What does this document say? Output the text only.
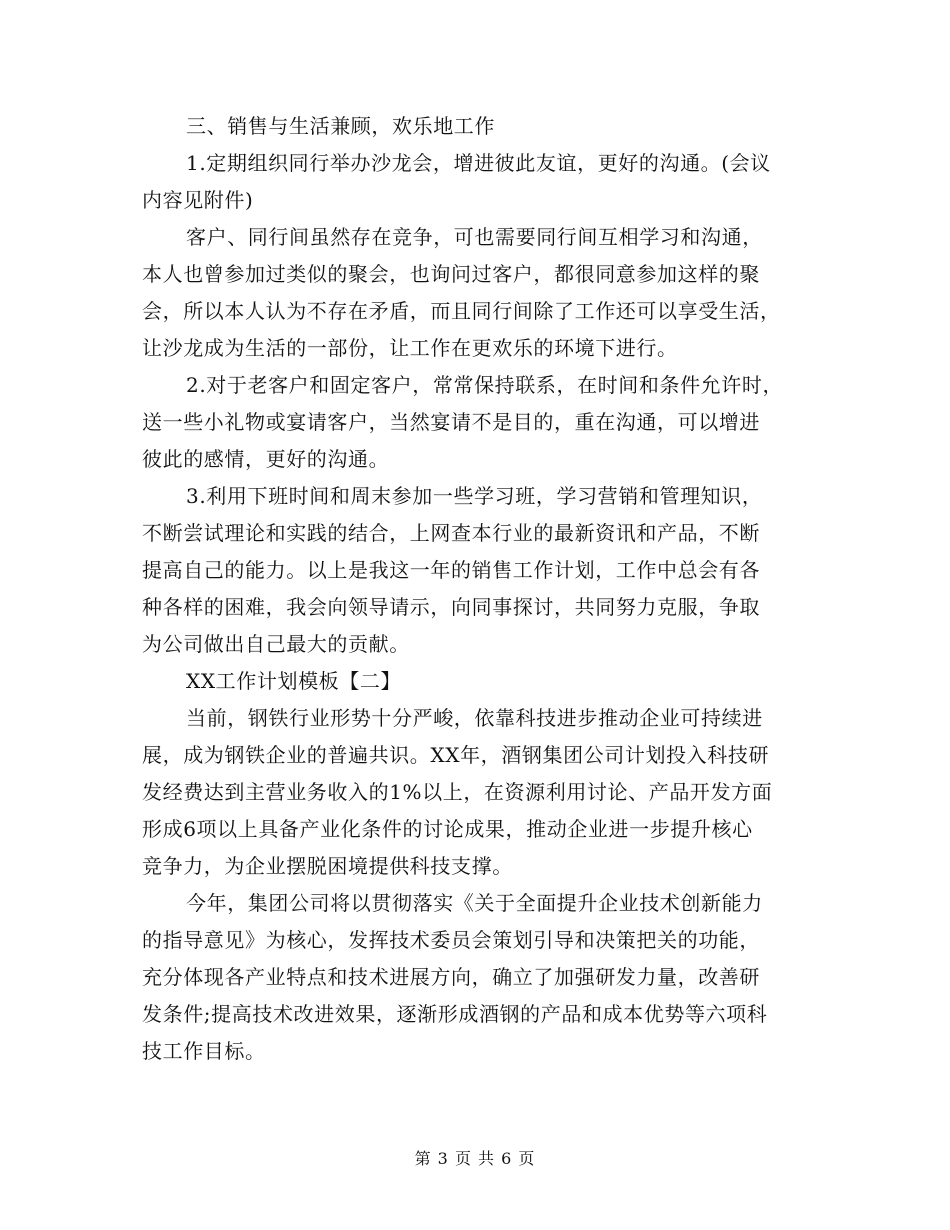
三、销售与生活兼顾，欢乐地工作
1.定期组织同行举办沙龙会，增进彼此友谊，更好的沟通。(会议
内容见附件)
客户、同行间虽然存在竞争，可也需要同行间互相学习和沟通，
本人也曾参加过类似的聚会，也询问过客户，都很同意参加这样的聚
会，所以本人认为不存在矛盾，而且同行间除了工作还可以享受生活，
让沙龙成为生活的一部份，让工作在更欢乐的环境下进行。
2.对于老客户和固定客户，常常保持联系，在时间和条件允许时，
送一些小礼物或宴请客户，当然宴请不是目的，重在沟通，可以增进
彼此的感情，更好的沟通。
3.利用下班时间和周末参加一些学习班，学习营销和管理知识，
不断尝试理论和实践的结合，上网查本行业的最新资讯和产品，不断
提高自己的能力。以上是我这一年的销售工作计划，工作中总会有各
种各样的困难，我会向领导请示，向同事探讨，共同努力克服，争取
为公司做出自己最大的贡献。
XX工作计划模板【二】
当前，钢铁行业形势十分严峻，依靠科技进步推动企业可持续进
展，成为钢铁企业的普遍共识。XX年，酒钢集团公司计划投入科技研
发经费达到主营业务收入的1%以上，在资源利用讨论、产品开发方面
形成6项以上具备产业化条件的讨论成果，推动企业进一步提升核心
竞争力，为企业摆脱困境提供科技支撑。
今年，集团公司将以贯彻落实《关于全面提升企业技术创新能力
的指导意见》为核心，发挥技术委员会策划引导和决策把关的功能，
充分体现各产业特点和技术进展方向，确立了加强研发力量，改善研
发条件;提高技术改进效果，逐渐形成酒钢的产品和成本优势等六项科
技工作目标。
第 3 页 共 6 页
